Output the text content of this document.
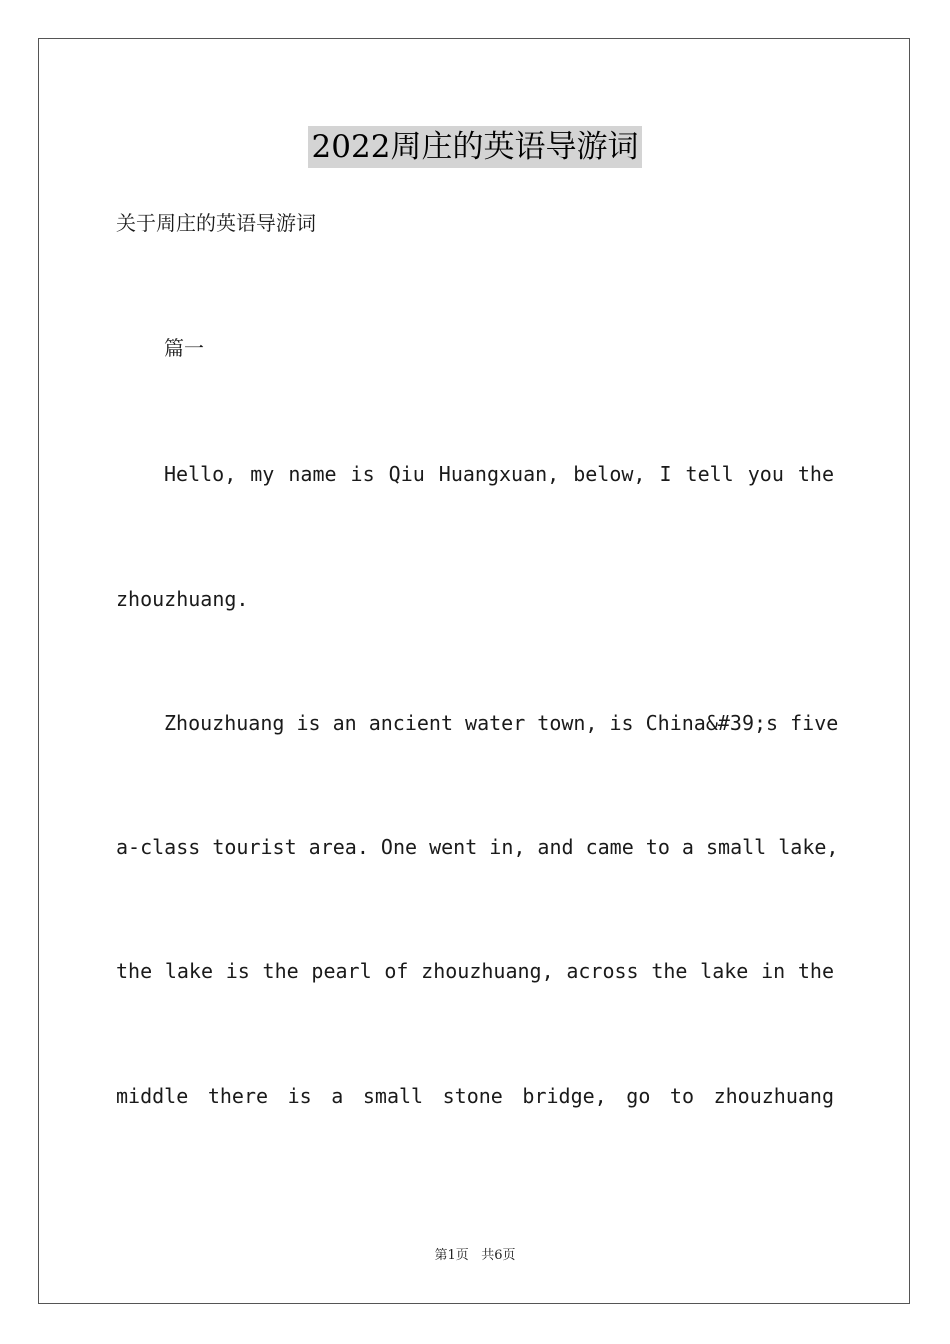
2022周庄的英语导游词
关于周庄的英语导游词
篇一
Hello, my name is Qiu Huangxuan, below, I tell you the
zhouzhuang.
Zhouzhuang is an ancient water town, is China&#39;s five
a-class tourist area. One went in, and came to a small lake,
the lake is the pearl of zhouzhuang, across the lake in the
middle there is a small stone bridge, go to zhouzhuang
第1页 共6页
